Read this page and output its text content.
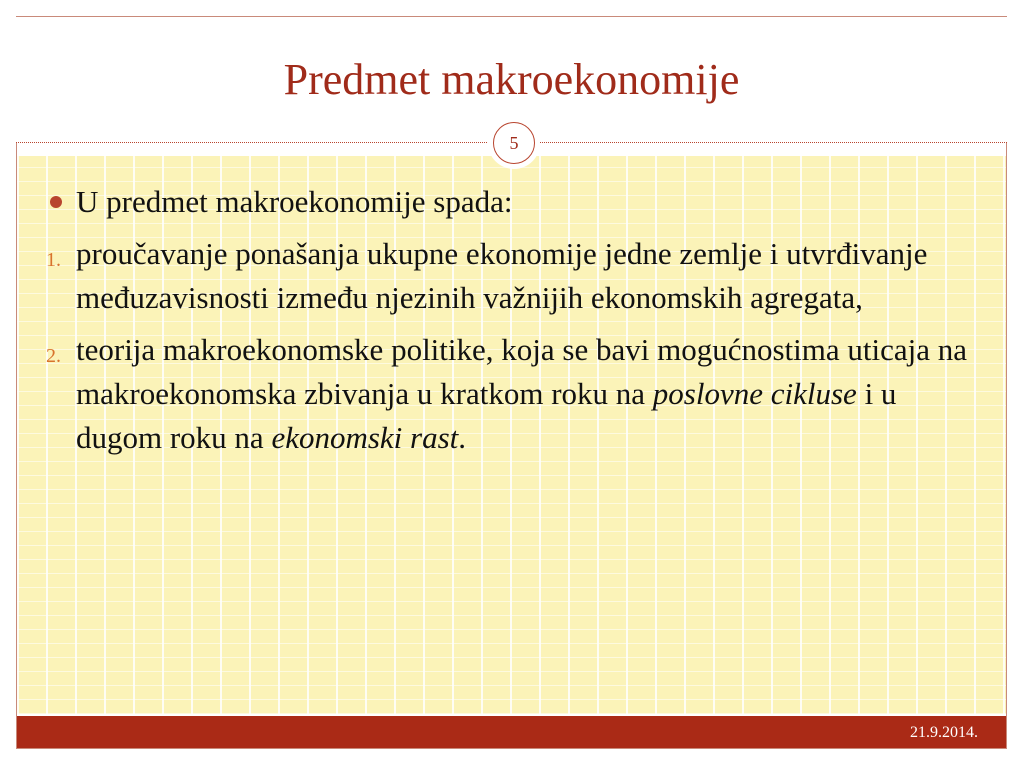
Predmet makroekonomije
5
U predmet makroekonomije spada:
1. proučavanje ponašanja ukupne ekonomije jedne zemlje i utvrđivanje međuzavisnosti između njezinih važnijih ekonomskih agregata,
2. teorija makroekonomske politike, koja se bavi mogućnostima uticaja na makroekonomska zbivanja u kratkom roku na poslovne cikluse i u dugom roku na ekonomski rast.
21.9.2014.
